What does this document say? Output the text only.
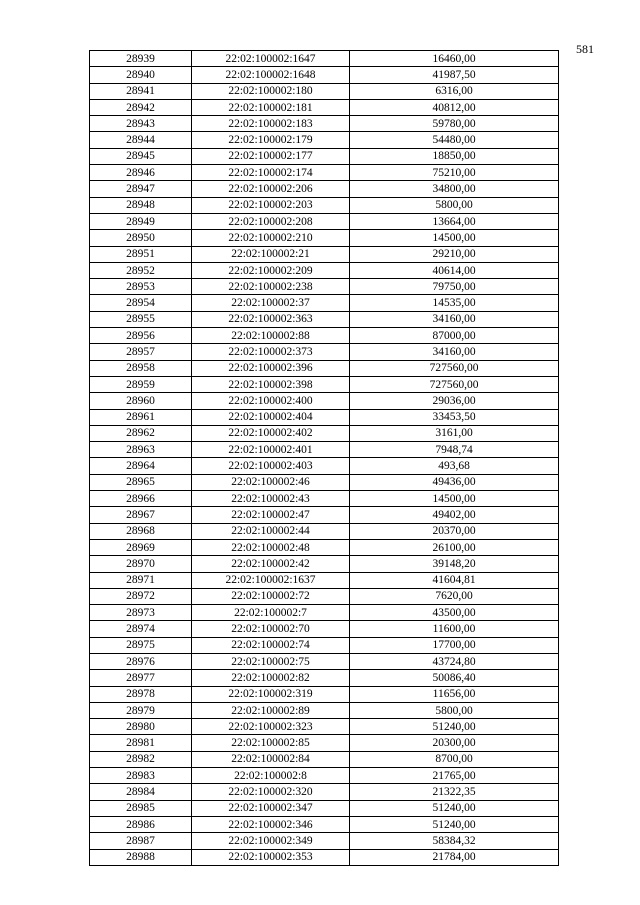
581
28939	22:02:100002:1647	16460,00
28940	22:02:100002:1648	41987,50
28941	22:02:100002:180	6316,00
28942	22:02:100002:181	40812,00
28943	22:02:100002:183	59780,00
28944	22:02:100002:179	54480,00
28945	22:02:100002:177	18850,00
28946	22:02:100002:174	75210,00
28947	22:02:100002:206	34800,00
28948	22:02:100002:203	5800,00
28949	22:02:100002:208	13664,00
28950	22:02:100002:210	14500,00
28951	22:02:100002:21	29210,00
28952	22:02:100002:209	40614,00
28953	22:02:100002:238	79750,00
28954	22:02:100002:37	14535,00
28955	22:02:100002:363	34160,00
28956	22:02:100002:88	87000,00
28957	22:02:100002:373	34160,00
28958	22:02:100002:396	727560,00
28959	22:02:100002:398	727560,00
28960	22:02:100002:400	29036,00
28961	22:02:100002:404	33453,50
28962	22:02:100002:402	3161,00
28963	22:02:100002:401	7948,74
28964	22:02:100002:403	493,68
28965	22:02:100002:46	49436,00
28966	22:02:100002:43	14500,00
28967	22:02:100002:47	49402,00
28968	22:02:100002:44	20370,00
28969	22:02:100002:48	26100,00
28970	22:02:100002:42	39148,20
28971	22:02:100002:1637	41604,81
28972	22:02:100002:72	7620,00
28973	22:02:100002:7	43500,00
28974	22:02:100002:70	11600,00
28975	22:02:100002:74	17700,00
28976	22:02:100002:75	43724,80
28977	22:02:100002:82	50086,40
28978	22:02:100002:319	11656,00
28979	22:02:100002:89	5800,00
28980	22:02:100002:323	51240,00
28981	22:02:100002:85	20300,00
28982	22:02:100002:84	8700,00
28983	22:02:100002:8	21765,00
28984	22:02:100002:320	21322,35
28985	22:02:100002:347	51240,00
28986	22:02:100002:346	51240,00
28987	22:02:100002:349	58384,32
28988	22:02:100002:353	21784,00
